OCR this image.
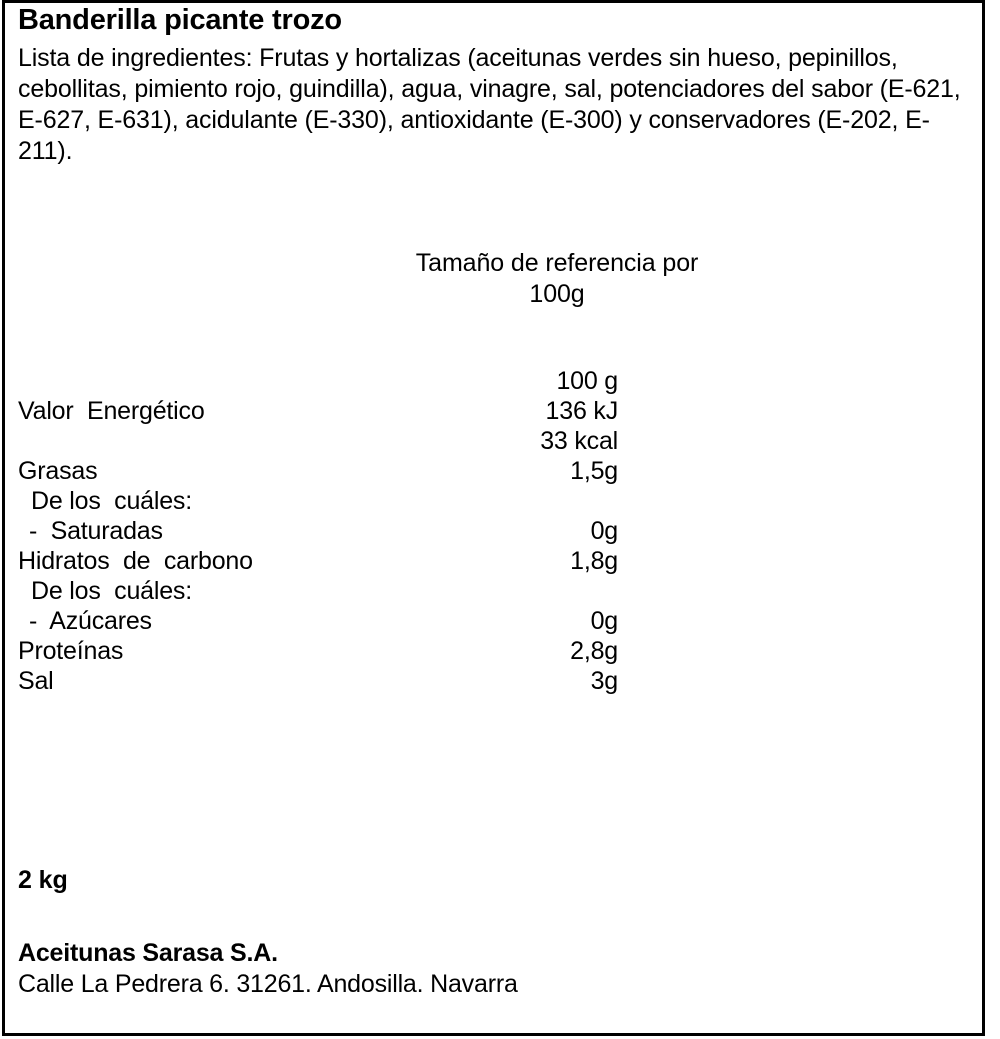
Banderilla picante trozo

Lista de ingredientes: Frutas y hortalizas (aceitunas verdes sin hueso, pepinillos, cebollitas, pimiento rojo, guindilla), agua, vinagre, sal, potenciadores del sabor (E-621, E-627, E-631), acidulante (E-330), antioxidante (E-300) y conservadores (E-202, E-211).

Tamaño de referencia por
100g
100 g
Valor  Energético	136 kJ
33 kcal
Grasas	1,5g
De los  cuáles:
-  Saturadas	0g
Hidratos  de  carbono	1,8g
De los  cuáles:
-  Azúcares	0g
Proteínas	2,8g
Sal	3g
2 kg
Aceitunas Sarasa S.A.
Calle La Pedrera 6. 31261. Andosilla. Navarra
